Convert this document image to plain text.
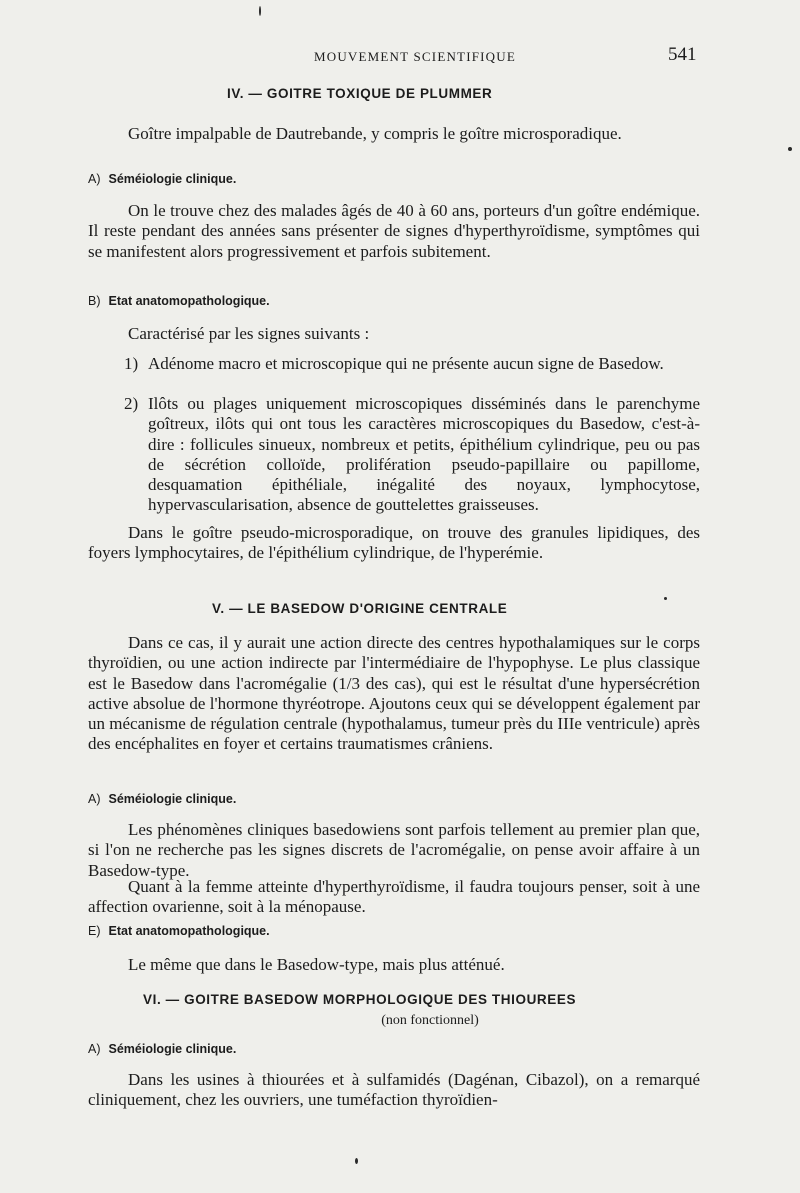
MOUVEMENT SCIENTIFIQUE	541
IV. — GOITRE TOXIQUE DE PLUMMER
Goître impalpable de Dautrebande, y compris le goître microsporadique.
A) Séméiologie clinique.
On le trouve chez des malades âgés de 40 à 60 ans, porteurs d'un goître endémique. Il reste pendant des années sans présenter de signes d'hyperthyroïdisme, symptômes qui se manifestent alors progressivement et parfois subitement.
B) Etat anatomopathologique.
Caractérisé par les signes suivants :
1) Adénome macro et microscopique qui ne présente aucun signe de Basedow.
2) Ilôts ou plages uniquement microscopiques disséminés dans le parenchyme goîtreux, ilôts qui ont tous les caractères microscopiques du Basedow, c'est-à-dire : follicules sinueux, nombreux et petits, épithélium cylindrique, peu ou pas de sécrétion colloïde, prolifération pseudo-papillaire ou papillome, desquamation épithéliale, inégalité des noyaux, lymphocytose, hypervascularisation, absence de gouttelettes graisseuses.
Dans le goître pseudo-microsporadique, on trouve des granules lipidiques, des foyers lymphocytaires, de l'épithélium cylindrique, de l'hyperémie.
V. — LE BASEDOW D'ORIGINE CENTRALE
Dans ce cas, il y aurait une action directe des centres hypothalamiques sur le corps thyroïdien, ou une action indirecte par l'intermédiaire de l'hypophyse. Le plus classique est le Basedow dans l'acromégalie (1/3 des cas), qui est le résultat d'une hypersécrétion active absolue de l'hormone thyréotrope. Ajoutons ceux qui se développent également par un mécanisme de régulation centrale (hypothalamus, tumeur près du IIIe ventricule) après des encéphalites en foyer et certains traumatismes crâniens.
A) Séméiologie clinique.
Les phénomènes cliniques basedowiens sont parfois tellement au premier plan que, si l'on ne recherche pas les signes discrets de l'acromégalie, on pense avoir affaire à un Basedow-type.
Quant à la femme atteinte d'hyperthyroïdisme, il faudra toujours penser, soit à une affection ovarienne, soit à la ménopause.
E) Etat anatomopathologique.
Le même que dans le Basedow-type, mais plus atténué.
VI. — GOITRE BASEDOW MORPHOLOGIQUE DES THIOUREES
(non fonctionnel)
A) Séméiologie clinique.
Dans les usines à thiourées et à sulfamidés (Dagénan, Cibazol), on a remarqué cliniquement, chez les ouvriers, une tuméfaction thyroïdien-
